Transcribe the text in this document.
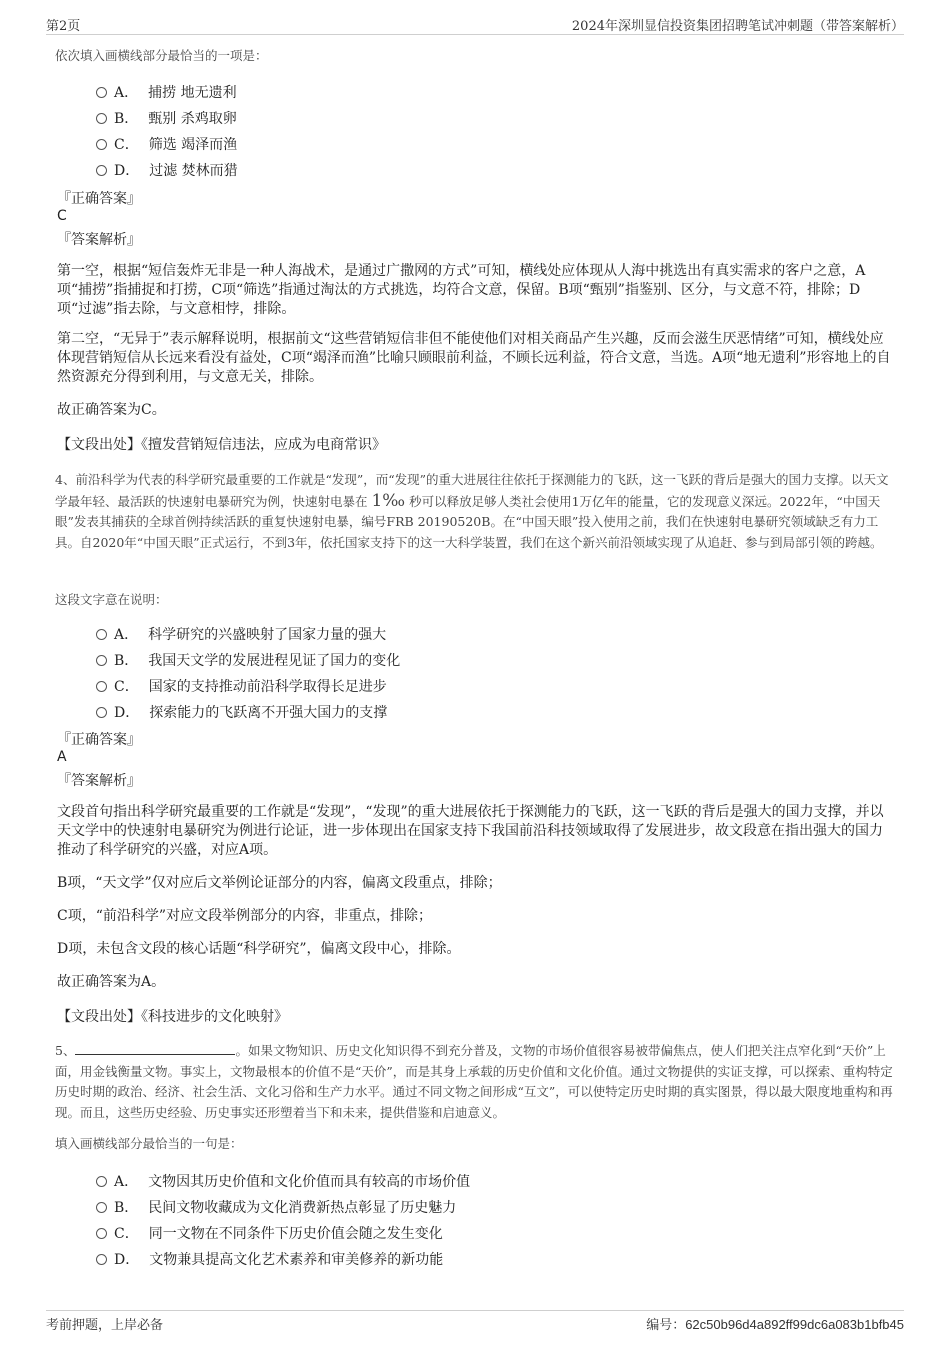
第2页	2024年深圳显信投资集团招聘笔试冲刺题（带答案解析）
依次填入画横线部分最恰当的一项是：
A． 捕捞 地无遗利
B． 甄别 杀鸡取卵
C． 筛选 竭泽而渔
D． 过滤 焚林而猎
『正确答案』
C
『答案解析』
第一空，根据“短信轰炸无非是一种人海战术，是通过广撒网的方式”可知，横线处应体现从人海中挑选出有真实需求的客户之意，A项“捕捞”指捕捉和打捞，C项“筛选”指通过淘汰的方式挑选，均符合文意，保留。B项“甄别”指鉴别、区分，与文意不符，排除；D项“过滤”指去除，与文意相悖，排除。
第二空，“无异于”表示解释说明，根据前文“这些营销短信非但不能使他们对相关商品产生兴趣，反而会滋生厌恶情绪”可知，横线处应体现营销短信从长远来看没有益处，C项“竭泽而渔”比喻只顾眼前利益，不顾长远利益，符合文意，当选。A项“地无遗利”形容地上的自然资源充分得到利用，与文意无关，排除。
故正确答案为C。
【文段出处】《擅发营销短信违法，应成为电商常识》
4、前沿科学为代表的科学研究最重要的工作就是“发现”，而“发现”的重大进展往往依托于探测能力的飞跃，这一飞跃的背后是强大的国力支撑。以天文学最年轻、最活跃的快速射电暴研究为例，快速射电暴在 1‰ 秒可以释放足够人类社会使用1万亿年的能量，它的发现意义深远。2022年，“中国天眼”发表其捕获的全球首例持续活跃的重复快速射电暴，编号FRB 20190520B。在“中国天眼”投入使用之前，我们在快速射电暴研究领域缺乏有力工具。自2020年“中国天眼”正式运行，不到3年，依托国家支持下的这一大科学装置，我们在这个新兴前沿领域实现了从追赶、参与到局部引领的跨越。
这段文字意在说明：
A． 科学研究的兴盛映射了国家力量的强大
B． 我国天文学的发展进程见证了国力的变化
C． 国家的支持推动前沿科学取得长足进步
D． 探索能力的飞跃离不开强大国力的支撑
『正确答案』
A
『答案解析』
文段首句指出科学研究最重要的工作就是“发现”，“发现”的重大进展依托于探测能力的飞跃，这一飞跃的背后是强大的国力支撑，并以天文学中的快速射电暴研究为例进行论证，进一步体现出在国家支持下我国前沿科技领域取得了发展进步，故文段意在指出强大的国力推动了科学研究的兴盛，对应A项。
B项，“天文学”仅对应后文举例论证部分的内容，偏离文段重点，排除；
C项，“前沿科学”对应文段举例部分的内容，非重点，排除；
D项，未包含文段的核心话题“科学研究”，偏离文段中心，排除。
故正确答案为A。
【文段出处】《科技进步的文化映射》
5、	。如果文物知识、历史文化知识得不到充分普及，文物的市场价值很容易被带偏焦点，使人们把关注点窄化到“天价”上面，用金钱衡量文物。事实上，文物最根本的价值不是“天价”，而是其身上承载的历史价值和文化价值。通过文物提供的实证支撑，可以探索、重构特定历史时期的政治、经济、社会生活、文化习俗和生产力水平。通过不同文物之间形成“互文”，可以使特定历史时期的真实图景，得以最大限度地重构和再现。而且，这些历史经验、历史事实还形塑着当下和未来，提供借鉴和启迪意义。
填入画横线部分最恰当的一句是：
A． 文物因其历史价值和文化价值而具有较高的市场价值
B． 民间文物收藏成为文化消费新热点彰显了历史魅力
C． 同一文物在不同条件下历史价值会随之发生变化
D． 文物兼具提高文化艺术素养和审美修养的新功能
考前押题，上岸必备	编号：62c50b96d4a892ff99dc6a083b1bfb45
